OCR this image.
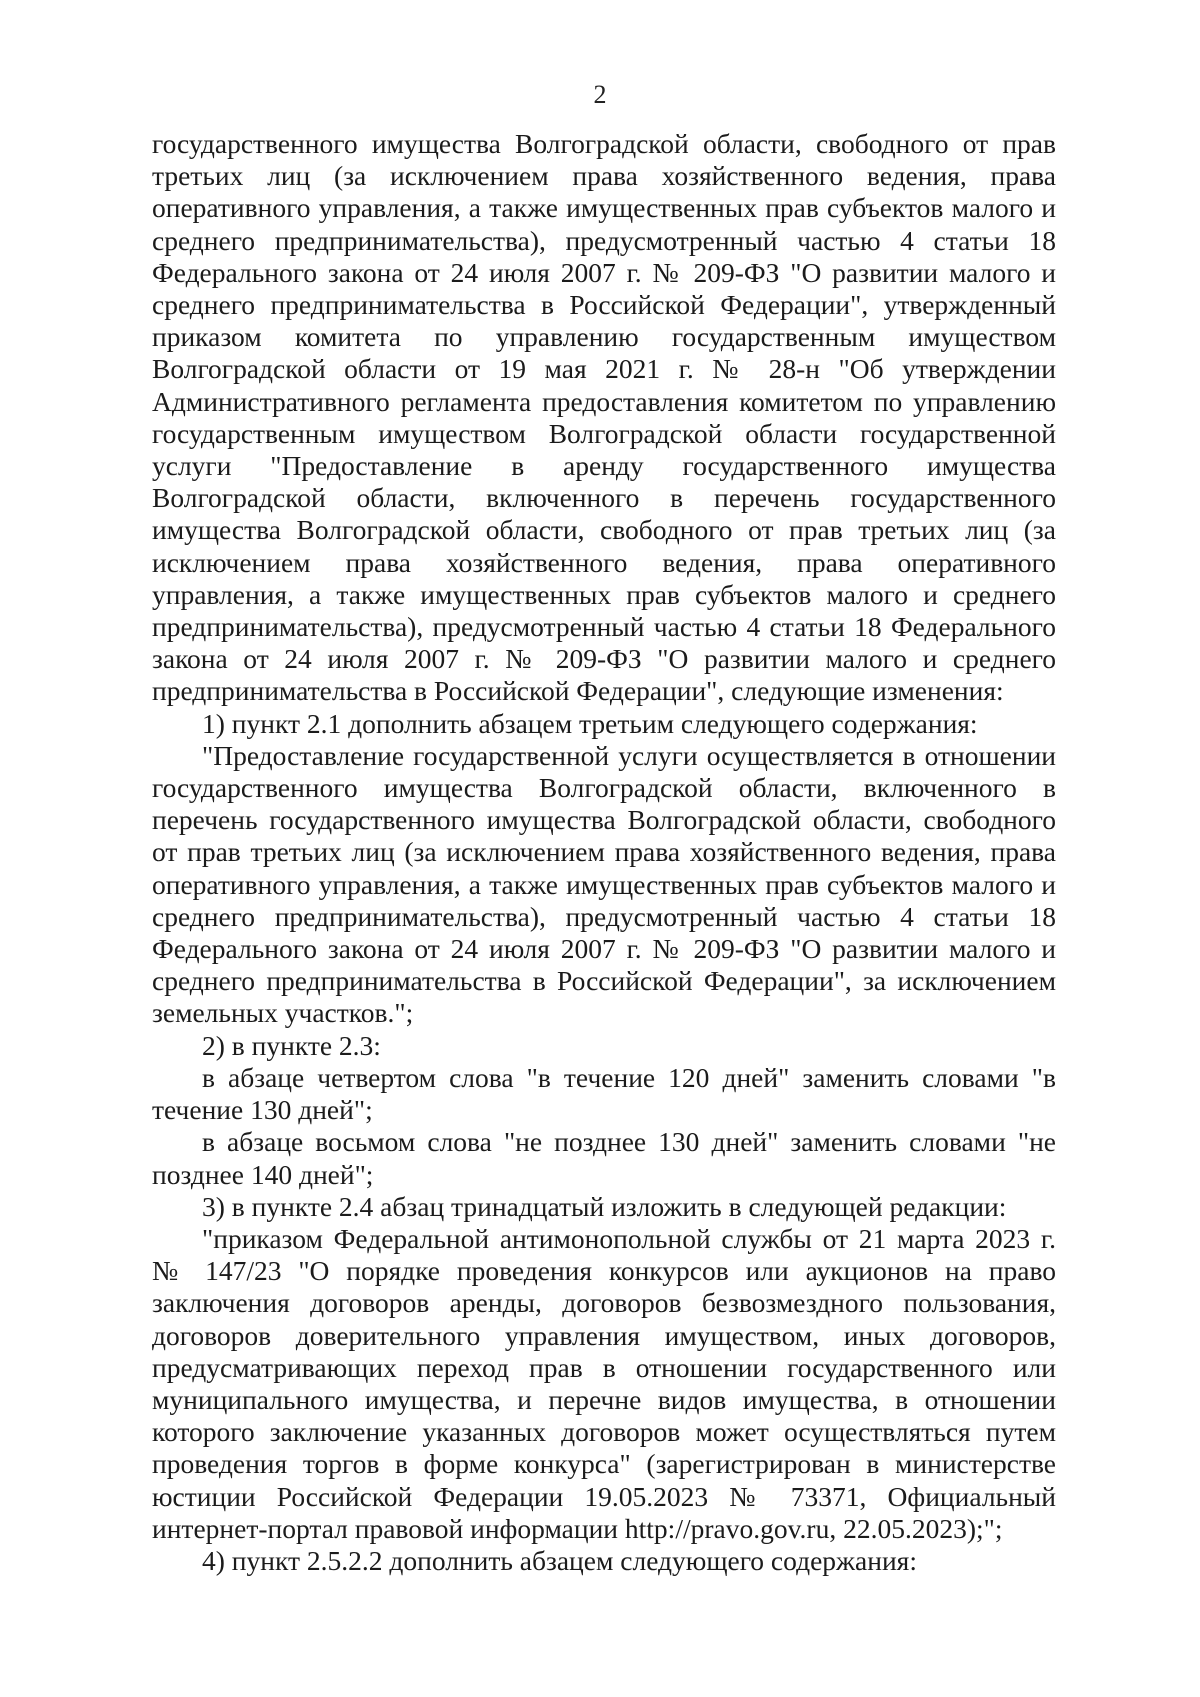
2

государственного имущества Волгоградской области, свободного от прав третьих лиц (за исключением права хозяйственного ведения, права оперативного управления, а также имущественных прав субъектов малого и среднего предпринимательства), предусмотренный частью 4 статьи 18 Федерального закона от 24 июля 2007 г. № 209-ФЗ "О развитии малого и среднего предпринимательства в Российской Федерации", утвержденный приказом комитета по управлению государственным имуществом Волгоградской области от 19 мая 2021 г. № 28-н "Об утверждении Административного регламента предоставления комитетом по управлению государственным имуществом Волгоградской области государственной услуги "Предоставление в аренду государственного имущества Волгоградской области, включенного в перечень государственного имущества Волгоградской области, свободного от прав третьих лиц (за исключением права хозяйственного ведения, права оперативного управления, а также имущественных прав субъектов малого и среднего предпринимательства), предусмотренный частью 4 статьи 18 Федерального закона от 24 июля 2007 г. № 209-ФЗ "О развитии малого и среднего предпринимательства в Российской Федерации", следующие изменения:

1) пункт 2.1 дополнить абзацем третьим следующего содержания:

"Предоставление государственной услуги осуществляется в отношении государственного имущества Волгоградской области, включенного в перечень государственного имущества Волгоградской области, свободного от прав третьих лиц (за исключением права хозяйственного ведения, права оперативного управления, а также имущественных прав субъектов малого и среднего предпринимательства), предусмотренный частью 4 статьи 18 Федерального закона от 24 июля 2007 г. № 209-ФЗ "О развитии малого и среднего предпринимательства в Российской Федерации", за исключением земельных участков.";

2) в пункте 2.3:

в абзаце четвертом слова "в течение 120 дней" заменить словами "в течение 130 дней";

в абзаце восьмом слова "не позднее 130 дней" заменить словами "не позднее 140 дней";

3) в пункте 2.4 абзац тринадцатый изложить в следующей редакции:

"приказом Федеральной антимонопольной службы от 21 марта 2023 г. № 147/23 "О порядке проведения конкурсов или аукционов на право заключения договоров аренды, договоров безвозмездного пользования, договоров доверительного управления имуществом, иных договоров, предусматривающих переход прав в отношении государственного или муниципального имущества, и перечне видов имущества, в отношении которого заключение указанных договоров может осуществляться путем проведения торгов в форме конкурса" (зарегистрирован в министерстве юстиции Российской Федерации 19.05.2023 № 73371, Официальный интернет-портал правовой информации http://pravo.gov.ru, 22.05.2023);";

4) пункт 2.5.2.2 дополнить абзацем следующего содержания:
